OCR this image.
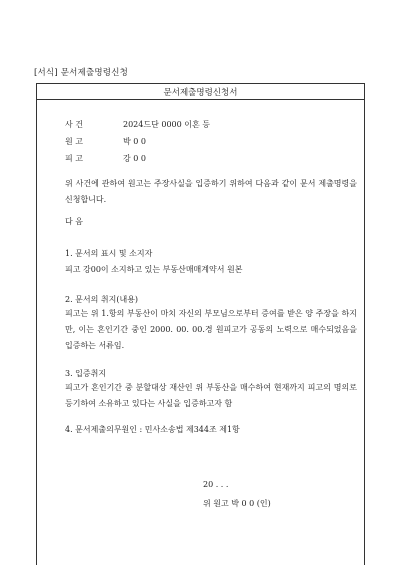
[서식] 문서제출명령신청
문서제출명령신청서
사 건	2024드단 0000 이혼 등
원 고	박 0 0
피 고	강 0 0
위 사건에 관하여 원고는 주장사실을 입증하기 위하여 다음과 같이 문서 제출명령을 신청합니다.
다 음
1. 문서의 표시 및 소지자
피고 강00이 소지하고 있는 부동산매매계약서 원본
2. 문서의 취지(내용)
피고는 위 1.항의 부동산이 마치 자신의 부모님으로부터 증여를 받은 양 주장을 하지만, 이는 혼인기간 중인 2000. 00. 00.경 원피고가 공동의 노력으로 매수되었음을 입증하는 서류임.
3. 입증취지
피고가 혼인기간 중 분할대상 재산인 위 부동산을 매수하여 현재까지 피고의 명의로 등기하여 소유하고 있다는 사실을 입증하고자 함
4. 문서제출의무원인 : 민사소송법 제344조 제1항
20 . . .
위 원고 박 0 0 (인)
